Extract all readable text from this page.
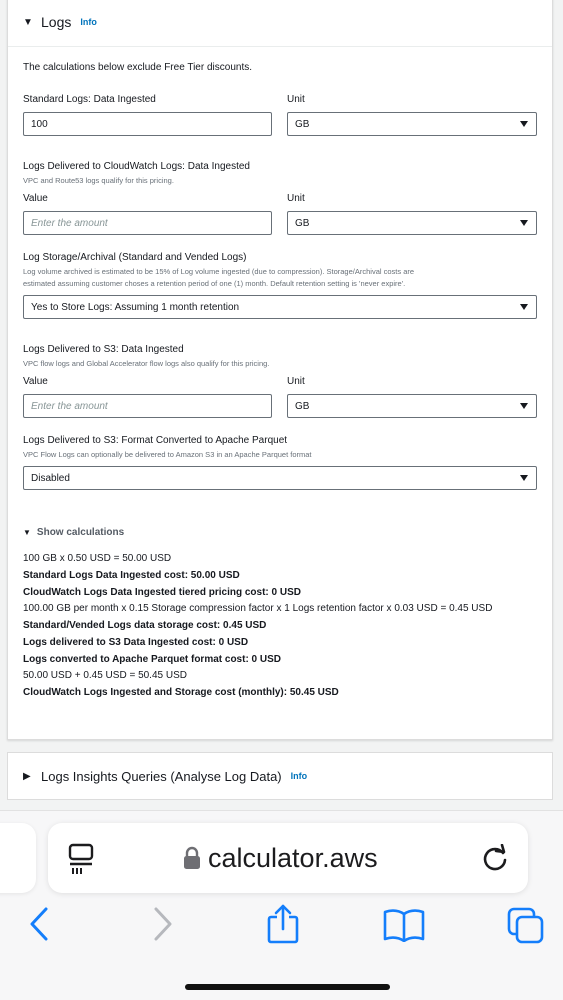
▼ Logs Info
The calculations below exclude Free Tier discounts.
Standard Logs: Data Ingested	Unit
100	GB
Logs Delivered to CloudWatch Logs: Data Ingested
VPC and Route53 logs qualify for this pricing.
Value	Unit
Enter the amount	GB
Log Storage/Archival (Standard and Vended Logs)
Log volume archived is estimated to be 15% of Log volume ingested (due to compression). Storage/Archival costs are
estimated assuming customer choses a retention period of one (1) month. Default retention setting is 'never expire'.
Yes to Store Logs: Assuming 1 month retention
Logs Delivered to S3: Data Ingested
VPC flow logs and Global Accelerator flow logs also qualify for this pricing.
Value	Unit
Enter the amount	GB
Logs Delivered to S3: Format Converted to Apache Parquet
VPC Flow Logs can optionally be delivered to Amazon S3 in an Apache Parquet format
Disabled
▼ Show calculations
100 GB x 0.50 USD = 50.00 USD
Standard Logs Data Ingested cost: 50.00 USD
CloudWatch Logs Data Ingested tiered pricing cost: 0 USD
100.00 GB per month x 0.15 Storage compression factor x 1 Logs retention factor x 0.03 USD = 0.45 USD
Standard/Vended Logs data storage cost: 0.45 USD
Logs delivered to S3 Data Ingested cost: 0 USD
Logs converted to Apache Parquet format cost: 0 USD
50.00 USD + 0.45 USD = 50.45 USD
CloudWatch Logs Ingested and Storage cost (monthly): 50.45 USD
▶ Logs Insights Queries (Analyse Log Data) Info
calculator.aws
